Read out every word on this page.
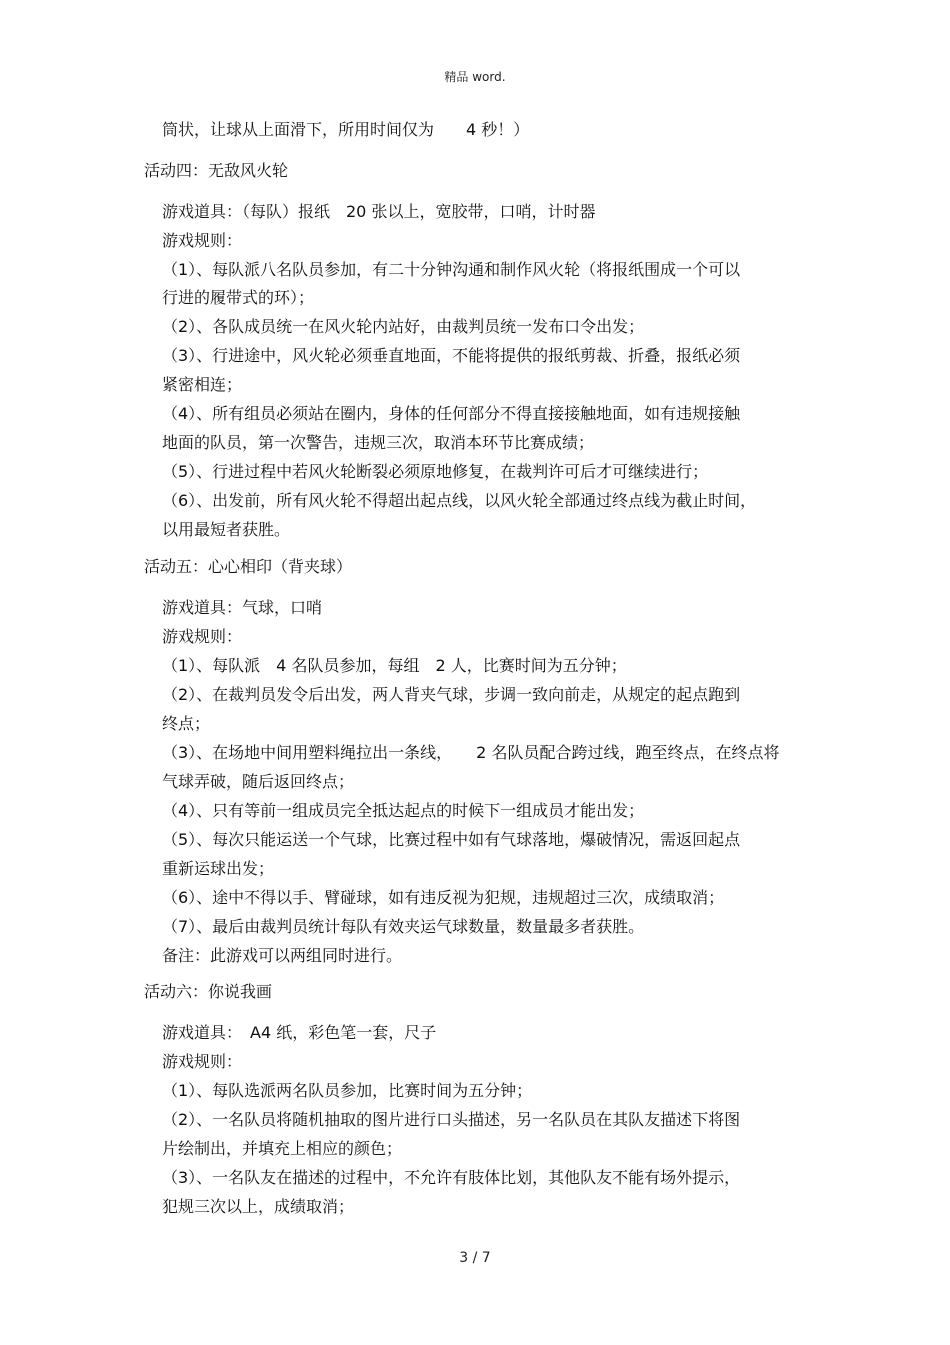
精品 word.
筒状，让球从上面滑下，所用时间仅为　　4 秒！）
活动四：无敌风火轮
游戏道具：（每队）报纸　20 张以上，宽胶带，口哨，计时器
游戏规则：
（1）、每队派八名队员参加，有二十分钟沟通和制作风火轮（将报纸围成一个可以
行进的履带式的环）；
（2）、各队成员统一在风火轮内站好，由裁判员统一发布口令出发；
（3）、行进途中，风火轮必须垂直地面，不能将提供的报纸剪裁、折叠，报纸必须
紧密相连；
（4）、所有组员必须站在圈内，身体的任何部分不得直接接触地面，如有违规接触
地面的队员，第一次警告，违规三次，取消本环节比赛成绩；
（5）、行进过程中若风火轮断裂必须原地修复，在裁判许可后才可继续进行；
（6）、出发前，所有风火轮不得超出起点线，以风火轮全部通过终点线为截止时间，
以用最短者获胜。
活动五：心心相印（背夹球）
游戏道具：气球，口哨
游戏规则：
（1）、每队派　4 名队员参加，每组　2 人，比赛时间为五分钟；
（2）、在裁判员发令后出发，两人背夹气球，步调一致向前走，从规定的起点跑到
终点；
（3）、在场地中间用塑料绳拉出一条线，　　2 名队员配合跨过线，跑至终点，在终点将
气球弄破，随后返回终点；
（4）、只有等前一组成员完全抵达起点的时候下一组成员才能出发；
（5）、每次只能运送一个气球，比赛过程中如有气球落地，爆破情况，需返回起点
重新运球出发；
（6）、途中不得以手、臂碰球，如有违反视为犯规，违规超过三次，成绩取消；
（7）、最后由裁判员统计每队有效夹运气球数量，数量最多者获胜。
备注：此游戏可以两组同时进行。
活动六：你说我画
游戏道具：　A4 纸，彩色笔一套，尺子
游戏规则：
（1）、每队选派两名队员参加，比赛时间为五分钟；
（2）、一名队员将随机抽取的图片进行口头描述，另一名队员在其队友描述下将图
片绘制出，并填充上相应的颜色；
（3）、一名队友在描述的过程中，不允许有肢体比划，其他队友不能有场外提示，
犯规三次以上，成绩取消；
3 / 7
